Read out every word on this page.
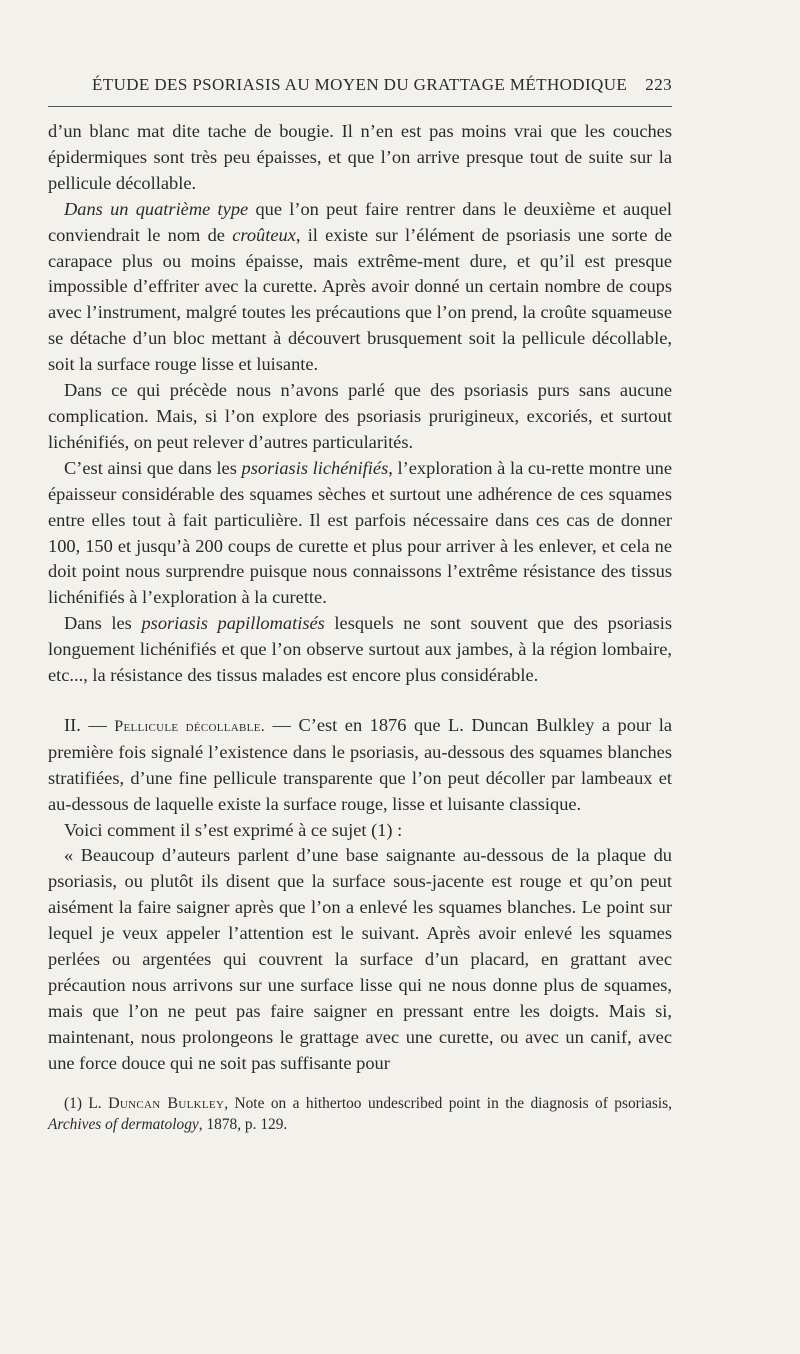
ÉTUDE DES PSORIASIS AU MOYEN DU GRATTAGE MÉTHODIQUE 223

d’un blanc mat dite tache de bougie. Il n’en est pas moins vrai que les couches épidermiques sont très peu épaisses, et que l’on arrive presque tout de suite sur la pellicule décollable.

Dans un quatrième type que l’on peut faire rentrer dans le deuxième et auquel conviendrait le nom de croûteux, il existe sur l’élément de psoriasis une sorte de carapace plus ou moins épaisse, mais extrême-ment dure, et qu’il est presque impossible d’effriter avec la curette. Après avoir donné un certain nombre de coups avec l’instrument, malgré toutes les précautions que l’on prend, la croûte squameuse se détache d’un bloc mettant à découvert brusquement soit la pellicule décollable, soit la surface rouge lisse et luisante.

Dans ce qui précède nous n’avons parlé que des psoriasis purs sans aucune complication. Mais, si l’on explore des psoriasis prurigineux, excoriés, et surtout lichénifiés, on peut relever d’autres particularités.

C’est ainsi que dans les psoriasis lichénifiés, l’exploration à la cu-rette montre une épaisseur considérable des squames sèches et surtout une adhérence de ces squames entre elles tout à fait particulière. Il est parfois nécessaire dans ces cas de donner 100, 150 et jusqu’à 200 coups de curette et plus pour arriver à les enlever, et cela ne doit point nous surprendre puisque nous connaissons l’extrême résistance des tissus lichénifiés à l’exploration à la curette.

Dans les psoriasis papillomatisés lesquels ne sont souvent que des psoriasis longuement lichénifiés et que l’on observe surtout aux jambes, à la région lombaire, etc..., la résistance des tissus malades est encore plus considérable.

II. — Pellicule décollable. — C’est en 1876 que L. Duncan Bulkley a pour la première fois signalé l’existence dans le psoriasis, au-dessous des squames blanches stratifiées, d’une fine pellicule transparente que l’on peut décoller par lambeaux et au-dessous de laquelle existe la surface rouge, lisse et luisante classique.

Voici comment il s’est exprimé à ce sujet (1) :

« Beaucoup d’auteurs parlent d’une base saignante au-dessous de la plaque du psoriasis, ou plutôt ils disent que la surface sous-jacente est rouge et qu’on peut aisément la faire saigner après que l’on a enlevé les squames blanches. Le point sur lequel je veux appeler l’attention est le suivant. Après avoir enlevé les squames perlées ou argentées qui couvrent la surface d’un placard, en grattant avec précaution nous arrivons sur une surface lisse qui ne nous donne plus de squames, mais que l’on ne peut pas faire saigner en pressant entre les doigts. Mais si, maintenant, nous prolongeons le grattage avec une curette, ou avec un canif, avec une force douce qui ne soit pas suffisante pour

(1) L. Duncan Bulkley, Note on a hithertoo undescribed point in the diagnosis of psoriasis, Archives of dermatology, 1878, p. 129.
